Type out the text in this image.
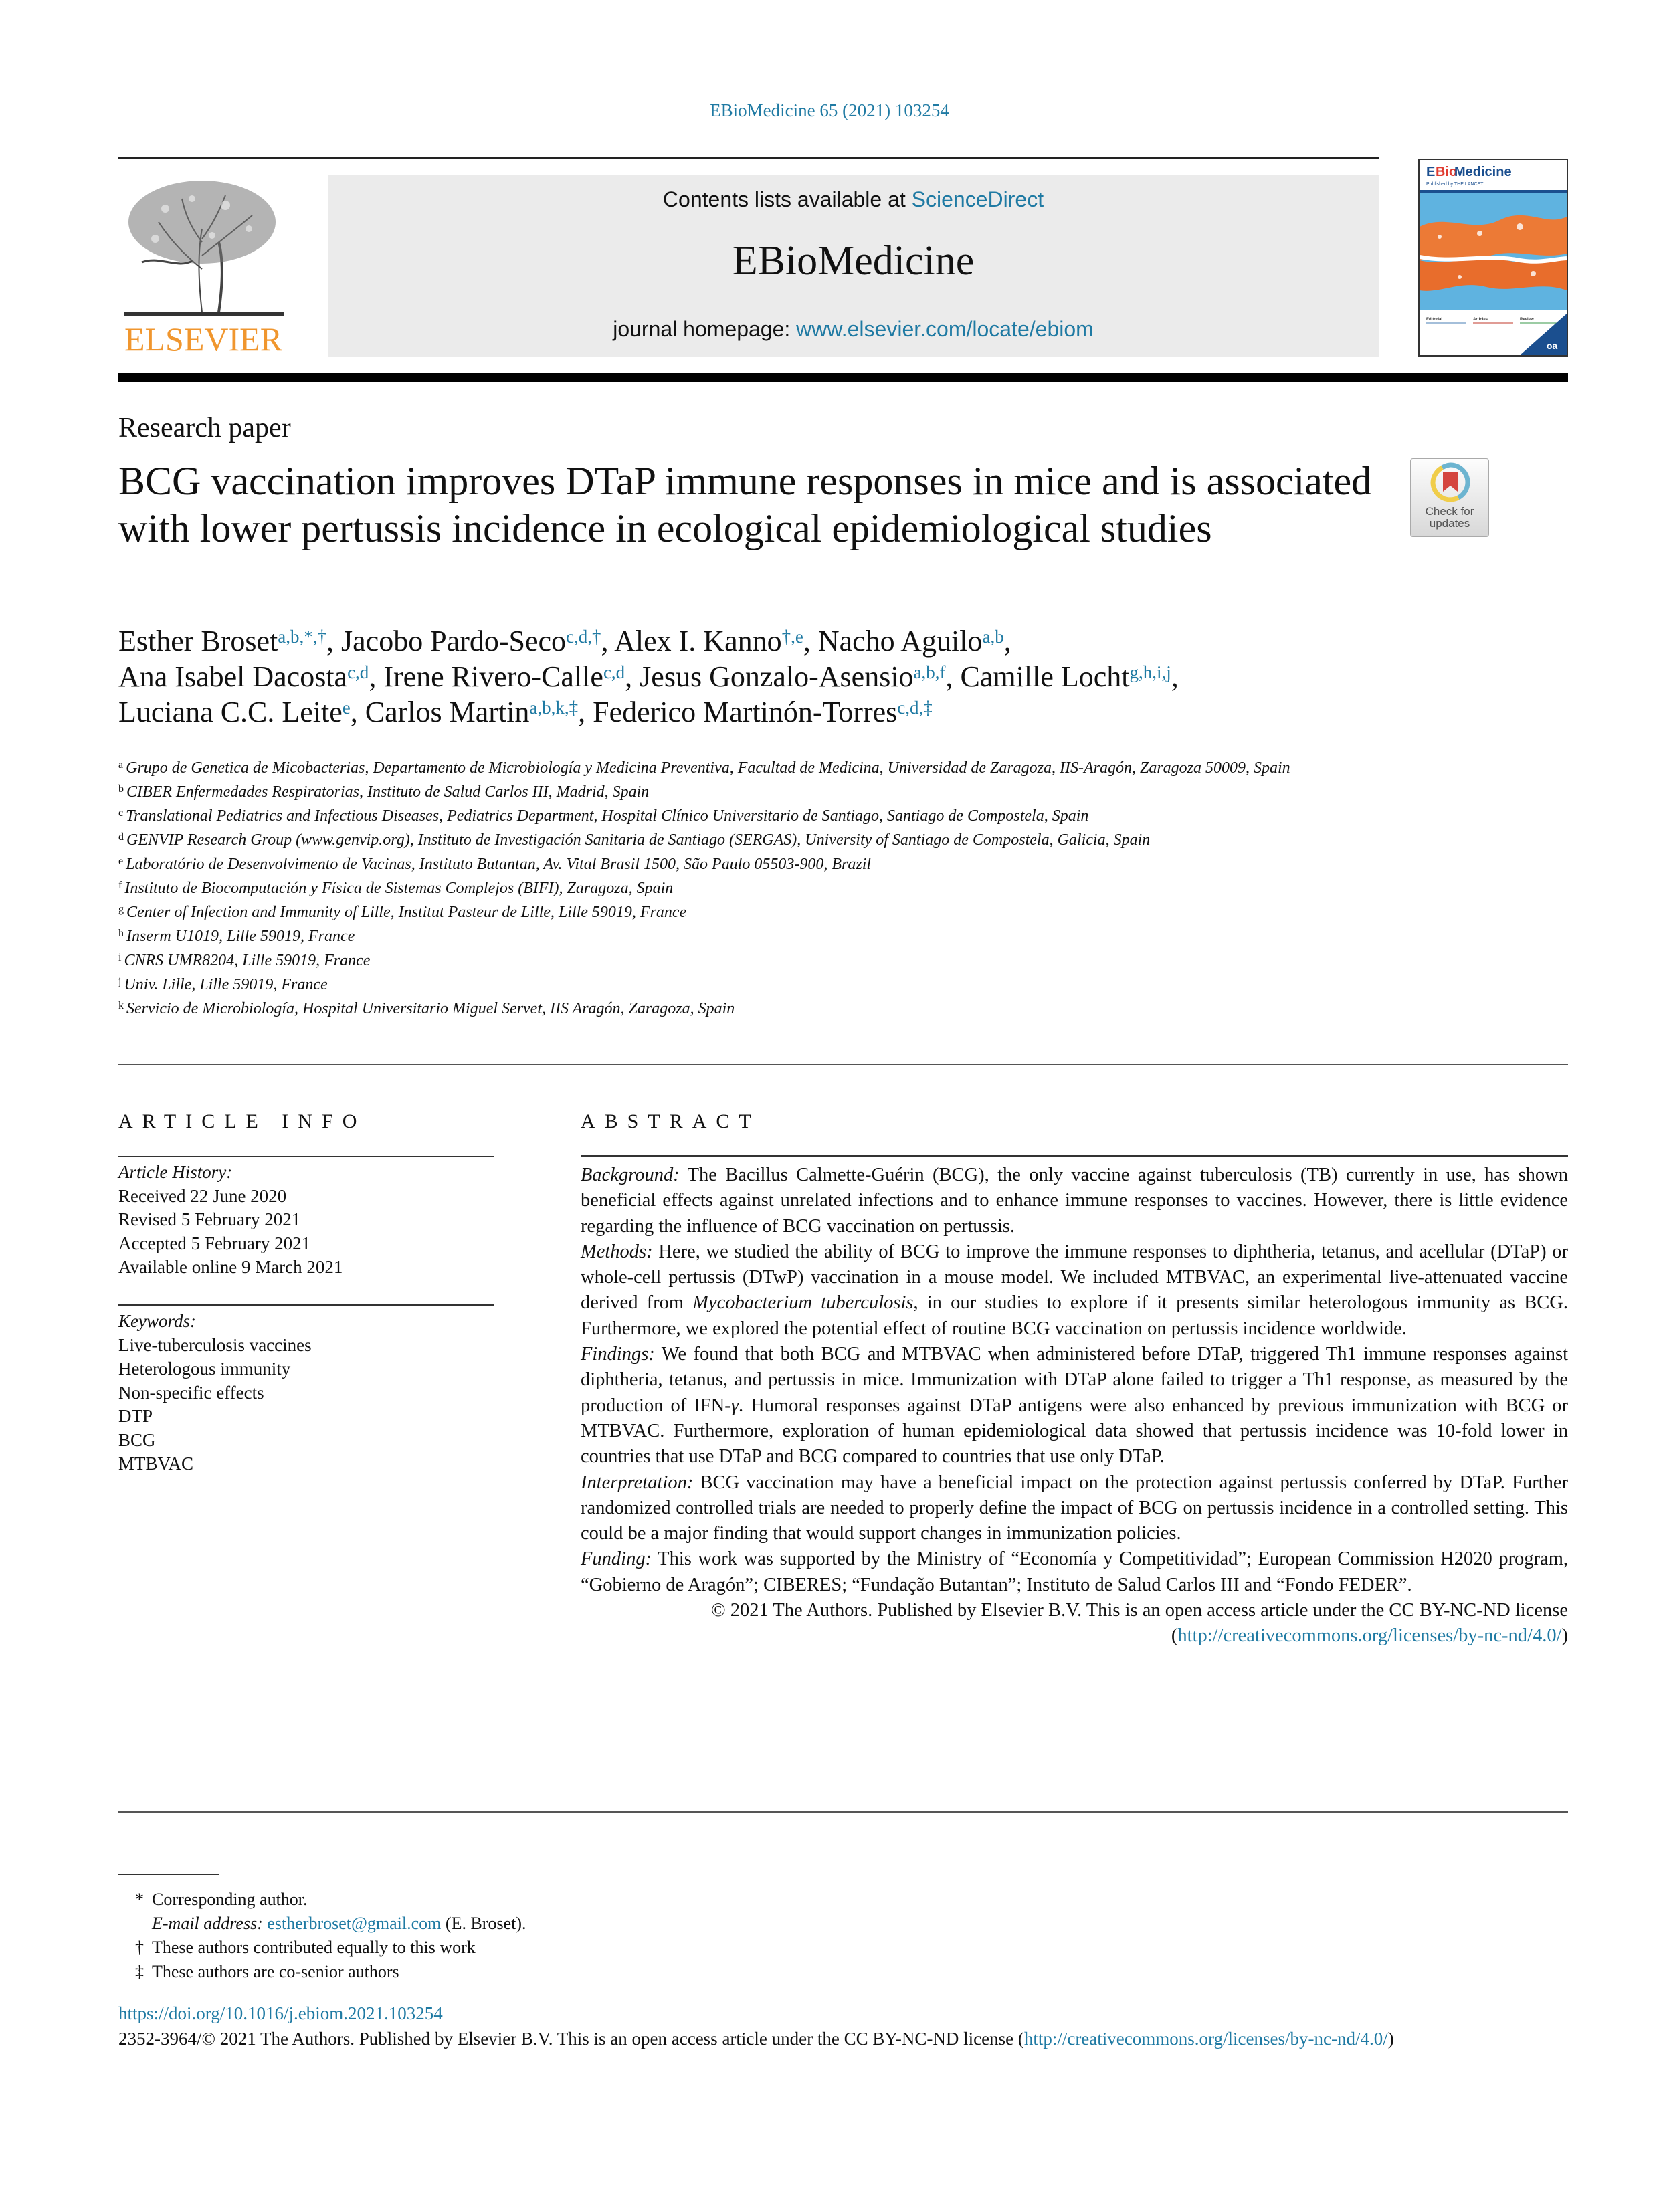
EBioMedicine 65 (2021) 103254
ELSEVIER
Contents lists available at ScienceDirect
EBioMedicine
journal homepage: www.elsevier.com/locate/ebiom
E Bio
Medicine
Published by THE LANCET
Editorial	Articles	Review
oa
Research paper
BCG vaccination improves DTaP immune responses in mice and is associated with lower pertussis incidence in ecological epidemiological studies	Check for
updates
Esther Broset$^{a,b,*,\dagger}$, Jacobo Pardo-Seco$^{c,d,\dagger}$, Alex I. Kanno$^{\dagger,e}$, Nacho Aguilo$^{a,b}$,
Ana Isabel Dacosta$^{c,d}$, Irene Rivero-Calle$^{c,d}$, Jesus Gonzalo-Asensio$^{a,b,f}$, Camille Locht$^{g,h,i,j}$,
Luciana C.C. Leite$^e$, Carlos Martin$^{a,b,k,\ddagger}$, Federico Martinón-Torres$^{c,d,\ddagger}$
$^a$ Grupo de Genetica de Micobacterias, Departamento de Microbiología y Medicina Preventiva, Facultad de Medicina, Universidad de Zaragoza, IIS-Aragón, Zaragoza 50009, Spain
$^b$ CIBER Enfermedades Respiratorias, Instituto de Salud Carlos III, Madrid, Spain
$^c$ Translational Pediatrics and Infectious Diseases, Pediatrics Department, Hospital Clínico Universitario de Santiago, Santiago de Compostela, Spain
$^d$ GENVIP Research Group (www.genvip.org), Instituto de Investigación Sanitaria de Santiago (SERGAS), University of Santiago de Compostela, Galicia, Spain
$^e$ Laboratório de Desenvolvimento de Vacinas, Instituto Butantan, Av. Vital Brasil 1500, São Paulo 05503-900, Brazil
$^f$ Instituto de Biocomputación y Física de Sistemas Complejos (BIFI), Zaragoza, Spain
$^g$ Center of Infection and Immunity of Lille, Institut Pasteur de Lille, Lille 59019, France
$^h$ Inserm U1019, Lille 59019, France
$^i$ CNRS UMR8204, Lille 59019, France
$^j$ Univ. Lille, Lille 59019, France
$^k$ Servicio de Microbiología, Hospital Universitario Miguel Servet, IIS Aragón, Zaragoza, Spain
ARTICLE INFO
Article History:
Received 22 June 2020
Revised 5 February 2021
Accepted 5 February 2021
Available online 9 March 2021
Keywords:
Live-tuberculosis vaccines
Heterologous immunity
Non-specific effects
DTP
BCG
MTBVAC
ABSTRACT

Background: The Bacillus Calmette-Guérin (BCG), the only vaccine against tuberculosis (TB) currently in use, has shown beneficial effects against unrelated infections and to enhance immune responses to vaccines. However, there is little evidence regarding the influence of BCG vaccination on pertussis.

Methods: Here, we studied the ability of BCG to improve the immune responses to diphtheria, tetanus, and acellular (DTaP) or whole-cell pertussis (DTwP) vaccination in a mouse model. We included MTBVAC, an experimental live-attenuated vaccine derived from Mycobacterium tuberculosis, in our studies to explore if it presents similar heterologous immunity as BCG. Furthermore, we explored the potential effect of routine BCG vaccination on pertussis incidence worldwide.

Findings: We found that both BCG and MTBVAC when administered before DTaP, triggered Th1 immune responses against diphtheria, tetanus, and pertussis in mice. Immunization with DTaP alone failed to trigger a Th1 response, as measured by the production of IFN-γ. Humoral responses against DTaP antigens were also enhanced by previous immunization with BCG or MTBVAC. Furthermore, exploration of human epidemiological data showed that pertussis incidence was 10-fold lower in countries that use DTaP and BCG compared to countries that use only DTaP.

Interpretation: BCG vaccination may have a beneficial impact on the protection against pertussis conferred by DTaP. Further randomized controlled trials are needed to properly define the impact of BCG on pertussis incidence in a controlled setting. This could be a major finding that would support changes in immunization policies.

Funding: This work was supported by the Ministry of “Economía y Competitividad”; European Commission H2020 program, “Gobierno de Aragón”; CIBERES; “Fundação Butantan”; Instituto de Salud Carlos III and “Fondo FEDER”.

© 2021 The Authors. Published by Elsevier B.V. This is an open access article under the CC BY-NC-ND license
(http://creativecommons.org/licenses/by-nc-nd/4.0/)

* Corresponding author.
E-mail address: estherbroset@gmail.com (E. Broset).
† These authors contributed equally to this work
‡ These authors are co-senior authors
https://doi.org/10.1016/j.ebiom.2021.103254
2352-3964/© 2021 The Authors. Published by Elsevier B.V. This is an open access article under the CC BY-NC-ND license (http://creativecommons.org/licenses/by-nc-nd/4.0/)
